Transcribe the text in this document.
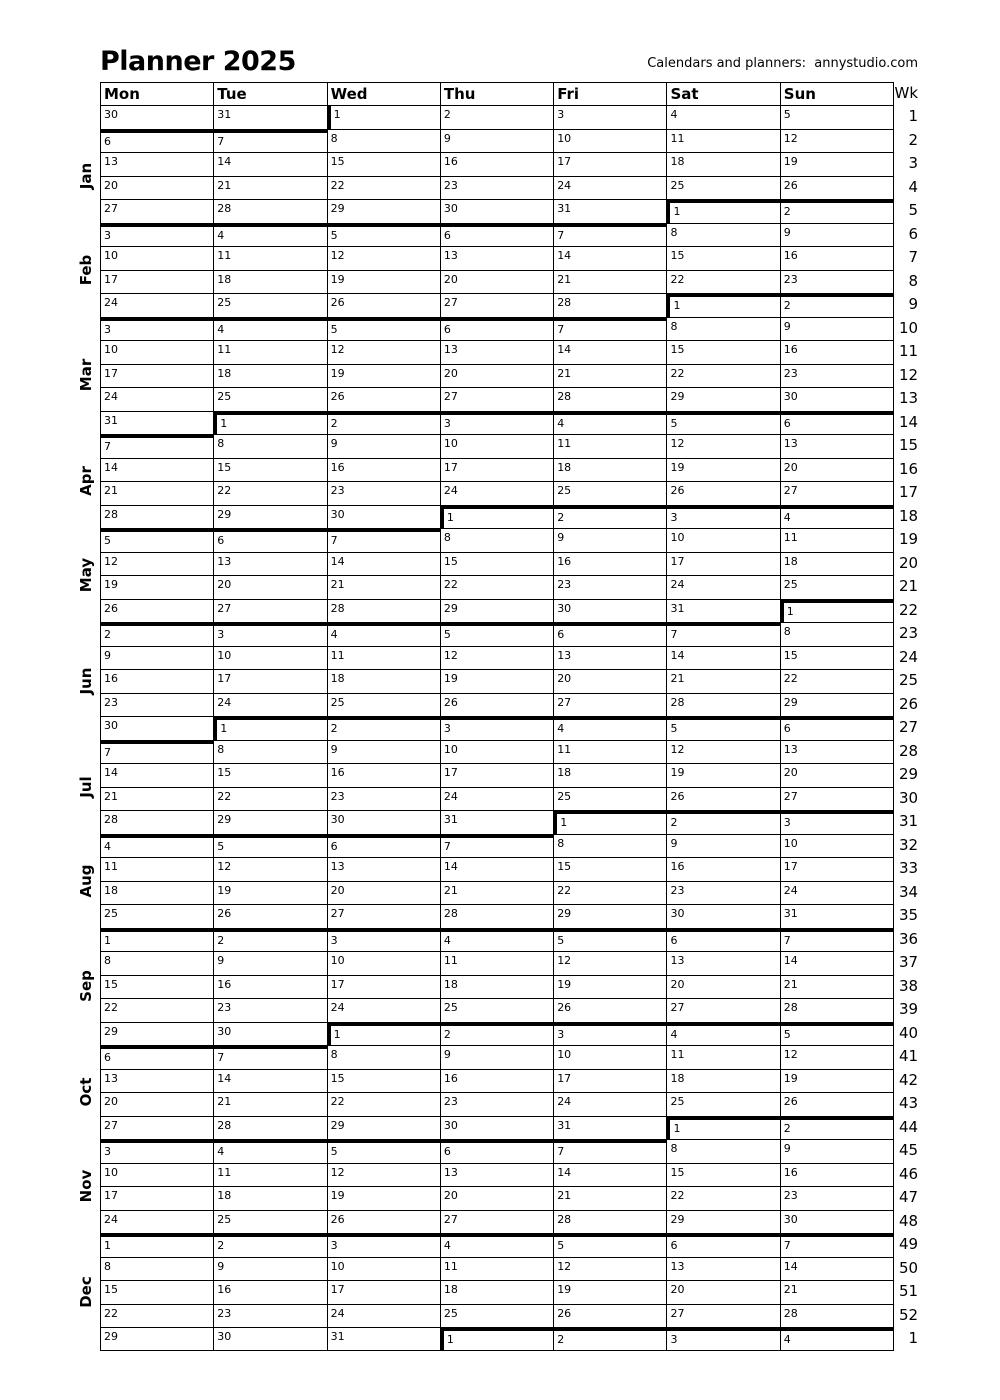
Planner 2025	Calendars and planners:  annystudio.com
Jan
Feb
Mar
Apr
May
Jun
Jul
Aug
Sep
Oct
Nov
Dec
Mon	Tue	Wed	Thu	Fri	Sat	Sun	Wk
30	31	1	2	3	4	5	1
6	7	8	9	10	11	12	2
13	14	15	16	17	18	19	3
20	21	22	23	24	25	26	4
27	28	29	30	31	1	2	5
3	4	5	6	7	8	9	6
10	11	12	13	14	15	16	7
17	18	19	20	21	22	23	8
24	25	26	27	28	1	2	9
3	4	5	6	7	8	9	10
10	11	12	13	14	15	16	11
17	18	19	20	21	22	23	12
24	25	26	27	28	29	30	13
31	1	2	3	4	5	6	14
7	8	9	10	11	12	13	15
14	15	16	17	18	19	20	16
21	22	23	24	25	26	27	17
28	29	30	1	2	3	4	18
5	6	7	8	9	10	11	19
12	13	14	15	16	17	18	20
19	20	21	22	23	24	25	21
26	27	28	29	30	31	1	22
2	3	4	5	6	7	8	23
9	10	11	12	13	14	15	24
16	17	18	19	20	21	22	25
23	24	25	26	27	28	29	26
30	1	2	3	4	5	6	27
7	8	9	10	11	12	13	28
14	15	16	17	18	19	20	29
21	22	23	24	25	26	27	30
28	29	30	31	1	2	3	31
4	5	6	7	8	9	10	32
11	12	13	14	15	16	17	33
18	19	20	21	22	23	24	34
25	26	27	28	29	30	31	35
1	2	3	4	5	6	7	36
8	9	10	11	12	13	14	37
15	16	17	18	19	20	21	38
22	23	24	25	26	27	28	39
29	30	1	2	3	4	5	40
6	7	8	9	10	11	12	41
13	14	15	16	17	18	19	42
20	21	22	23	24	25	26	43
27	28	29	30	31	1	2	44
3	4	5	6	7	8	9	45
10	11	12	13	14	15	16	46
17	18	19	20	21	22	23	47
24	25	26	27	28	29	30	48
1	2	3	4	5	6	7	49
8	9	10	11	12	13	14	50
15	16	17	18	19	20	21	51
22	23	24	25	26	27	28	52
29	30	31	1	2	3	4	1
